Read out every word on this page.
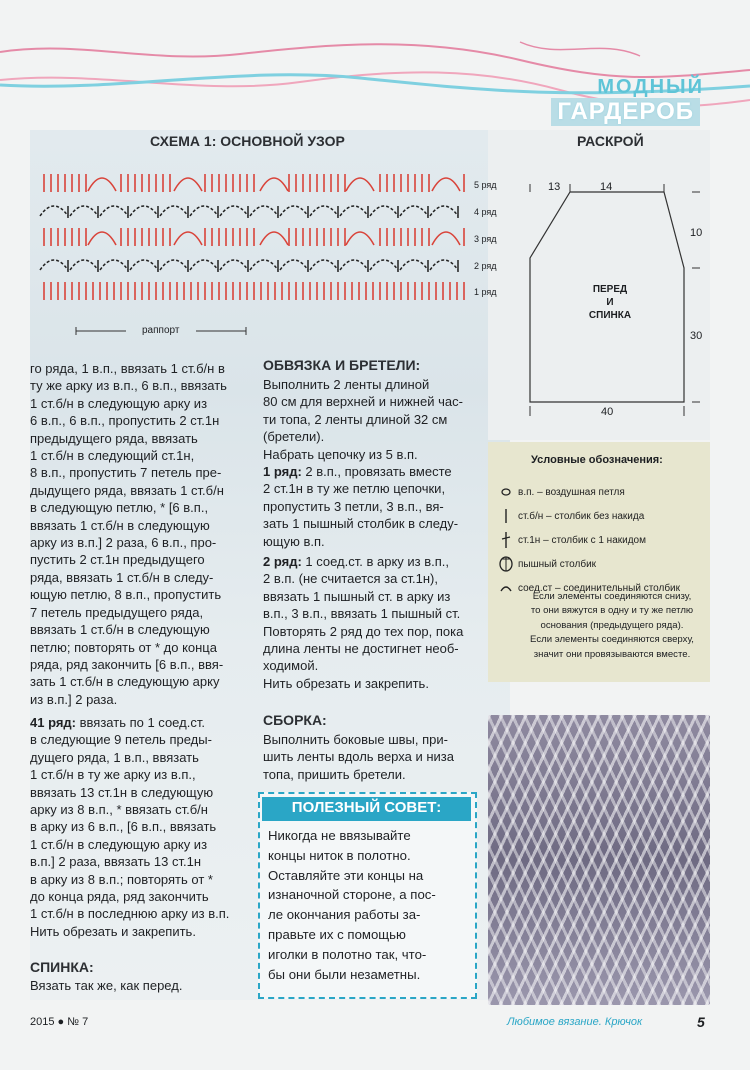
МОДНЫЙ
ГАРДЕРОБ
СХЕМА 1: ОСНОВНОЙ УЗОР
5 ряд
4 ряд
3 ряд
2 ряд
1 ряд
раппорт
РАСКРОЙ
13	14
10
30
40
ПЕРЕД
И
СПИНКА
Условные обозначения:
в.п. – воздушная петля
ст.б/н – столбик без накида
ст.1н – столбик с 1 накидом
пышный столбик
соед.ст – соединительный столбик
Если элементы соединяются снизу,
то они вяжутся в одну и ту же петлю
основания (предыдущего ряда).
Если элементы соединяются сверху,
значит они провязываются вместе.
го ряда, 1 в.п., ввязать 1 ст.б/н в
ту же арку из в.п., 6 в.п., ввязать
1 ст.б/н в следующую арку из
6 в.п., 6 в.п., пропустить 2 ст.1н
предыдущего ряда, ввязать
1 ст.б/н в следующий ст.1н,
8 в.п., пропустить 7 петель пре-
дыдущего ряда, ввязать 1 ст.б/н
в следующую петлю, * [6 в.п.,
ввязать 1 ст.б/н в следующую
арку из в.п.] 2 раза, 6 в.п., про-
пустить 2 ст.1н предыдущего
ряда, ввязать 1 ст.б/н в следу-
ющую петлю, 8 в.п., пропустить
7 петель предыдущего ряда,
ввязать 1 ст.б/н в следующую
петлю; повторять от * до конца
ряда, ряд закончить [6 в.п., ввя-
зать 1 ст.б/н в следующую арку
из в.п.] 2 раза.
41 ряд: ввязать по 1 соед.ст.
в следующие 9 петель преды-
дущего ряда, 1 в.п., ввязать
1 ст.б/н в ту же арку из в.п.,
ввязать 13 ст.1н в следующую
арку из 8 в.п., * ввязать ст.б/н
в арку из 6 в.п., [6 в.п., ввязать
1 ст.б/н в следующую арку из
в.п.] 2 раза, ввязать 13 ст.1н
в арку из 8 в.п.; повторять от *
до конца ряда, ряд закончить
1 ст.б/н в последнюю арку из в.п.
Нить обрезать и закрепить.
СПИНКА:
Вязать так же, как перед.
ОБВЯЗКА И БРЕТЕЛИ:
Выполнить 2 ленты длиной
80 см для верхней и нижней час-
ти топа, 2 ленты длиной 32 см
(бретели).
Набрать цепочку из 5 в.п.
1 ряд: 2 в.п., провязать вместе
2 ст.1н в ту же петлю цепочки,
пропустить 3 петли, 3 в.п., вя-
зать 1 пышный столбик в следу-
ющую в.п.
2 ряд: 1 соед.ст. в арку из в.п.,
2 в.п. (не считается за ст.1н),
ввязать 1 пышный ст. в арку из
в.п., 3 в.п., ввязать 1 пышный ст.
Повторять 2 ряд до тех пор, пока
длина ленты не достигнет необ-
ходимой.
Нить обрезать и закрепить.
СБОРКА:
Выполнить боковые швы, при-
шить ленты вдоль верха и низа
топа, пришить бретели.
ПОЛЕЗНЫЙ СОВЕТ:
Никогда не ввязывайте
концы ниток в полотно.
Оставляйте эти концы на
изнаночной стороне, а пос-
ле окончания работы за-
правьте их с помощью
иголки в полотно так, что-
бы они были незаметны.
2015 ● № 7	Любимое вязание. Крючок	5
